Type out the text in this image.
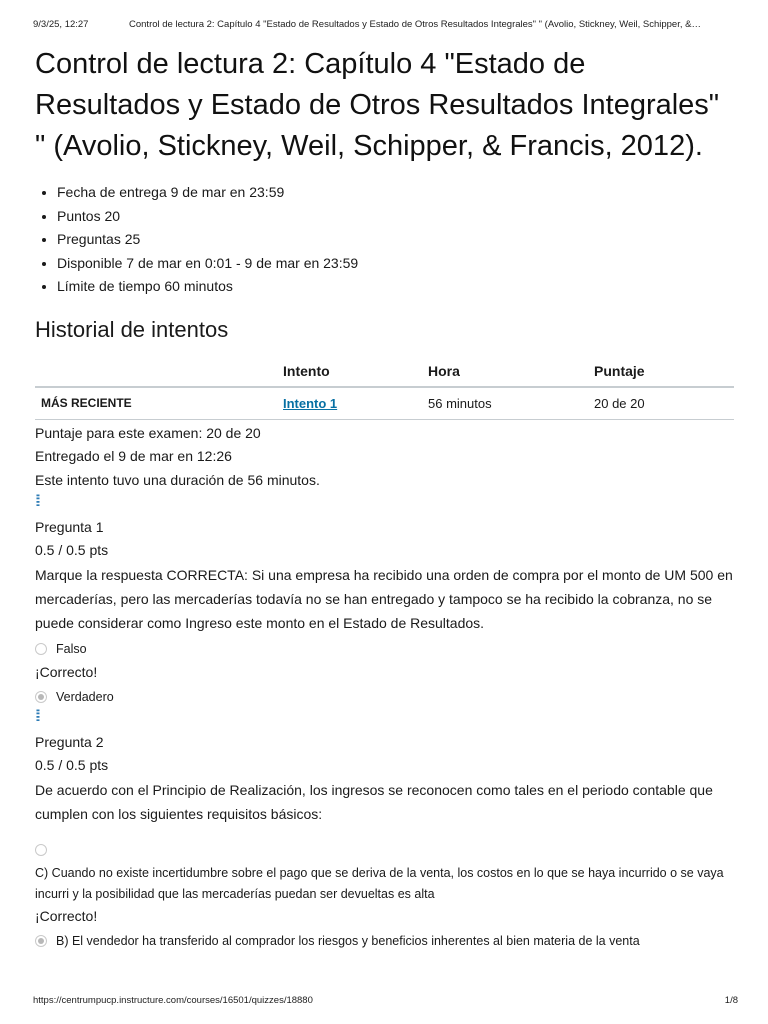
9/3/25, 12:27	Control de lectura 2: Capítulo 4 "Estado de Resultados y Estado de Otros Resultados Integrales" " (Avolio, Stickney, Weil, Schipper, &…
Control de lectura 2: Capítulo 4 "Estado de Resultados y Estado de Otros Resultados Integrales" " (Avolio, Stickney, Weil, Schipper, & Francis, 2012).
• Fecha de entrega 9 de mar en 23:59
• Puntos 20
• Preguntas 25
• Disponible 7 de mar en 0:01 - 9 de mar en 23:59
• Límite de tiempo 60 minutos
Historial de intentos
	Intento	Hora	Puntaje
MÁS RECIENTE	Intento 1	56 minutos	20 de 20
Puntaje para este examen: 20 de 20
Entregado el 9 de mar en 12:26
Este intento tuvo una duración de 56 minutos.
⁞⁞
Pregunta 1
0.5 / 0.5 pts
Marque la respuesta CORRECTA: Si una empresa ha recibido una orden de compra por el monto de UM 500 en mercaderías, pero las mercaderías todavía no se han entregado y tampoco se ha recibido la cobranza, no se puede considerar como Ingreso este monto en el Estado de Resultados.
Falso
¡Correcto!
Verdadero
⁞⁞
Pregunta 2
0.5 / 0.5 pts
De acuerdo con el Principio de Realización, los ingresos se reconocen como tales en el periodo contable que cumplen con los siguientes requisitos básicos:
C) Cuando no existe incertidumbre sobre el pago que se deriva de la venta, los costos en lo que se haya incurrido o se vaya incurri y la posibilidad que las mercaderías puedan ser devueltas es alta
¡Correcto!
B) El vendedor ha transferido al comprador los riesgos y beneficios inherentes al bien materia de la venta
https://centrumpucp.instructure.com/courses/16501/quizzes/18880	1/8
